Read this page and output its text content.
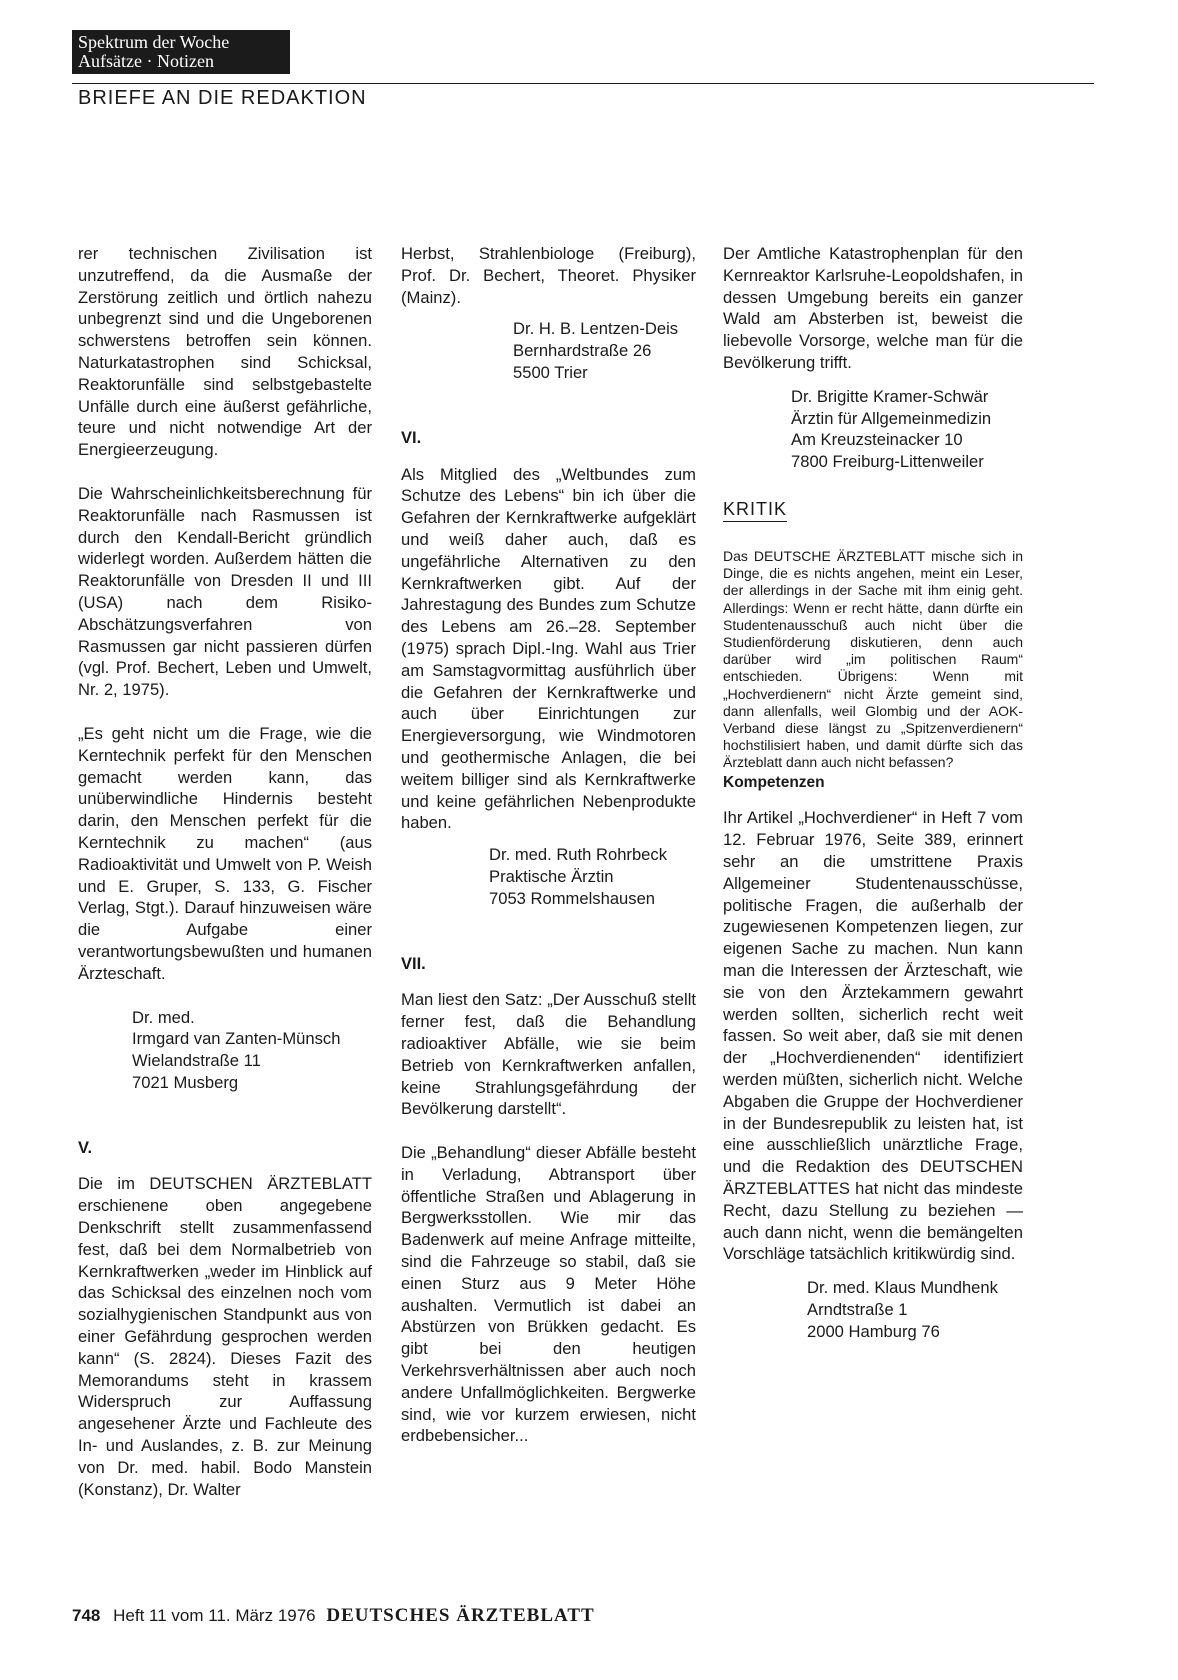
Spektrum der Woche
Aufsätze · Notizen
BRIEFE AN DIE REDAKTION

rer technischen Zivilisation ist unzutreffend, da die Ausmaße der Zerstörung zeitlich und örtlich nahezu unbegrenzt sind und die Ungeborenen schwerstens betroffen sein können. Naturkatastrophen sind Schicksal, Reaktorunfälle sind selbstgebastelte Unfälle durch eine äußerst gefährliche, teure und nicht notwendige Art der Energieerzeugung.

Die Wahrscheinlichkeitsberechnung für Reaktorunfälle nach Rasmussen ist durch den Kendall-Bericht gründlich widerlegt worden. Außerdem hätten die Reaktorunfälle von Dresden II und III (USA) nach dem Risiko-Abschätzungsverfahren von Rasmussen gar nicht passieren dürfen (vgl. Prof. Bechert, Leben und Umwelt, Nr. 2, 1975).

„Es geht nicht um die Frage, wie die Kerntechnik perfekt für den Menschen gemacht werden kann, das unüberwindliche Hindernis besteht darin, den Menschen perfekt für die Kerntechnik zu machen“ (aus Radioaktivität und Umwelt von P. Weish und E. Gruper, S. 133, G. Fischer Verlag, Stgt.). Darauf hinzuweisen wäre die Aufgabe einer verantwortungsbewußten und humanen Ärzteschaft.

Dr. med.
Irmgard van Zanten-Münsch
Wielandstraße 11
7021 Musberg
V.

Die im DEUTSCHEN ÄRZTEBLATT erschienene oben angegebene Denkschrift stellt zusammenfassend fest, daß bei dem Normalbetrieb von Kernkraftwerken „weder im Hinblick auf das Schicksal des einzelnen noch vom sozialhygienischen Standpunkt aus von einer Gefährdung gesprochen werden kann“ (S. 2824). Dieses Fazit des Memorandums steht in krassem Widerspruch zur Auffassung angesehener Ärzte und Fachleute des In- und Auslandes, z. B. zur Meinung von Dr. med. habil. Bodo Manstein (Konstanz), Dr. Walter

Herbst, Strahlenbiologe (Freiburg), Prof. Dr. Bechert, Theoret. Physiker (Mainz).

Dr. H. B. Lentzen-Deis
Bernhardstraße 26
5500 Trier
VI.

Als Mitglied des „Weltbundes zum Schutze des Lebens“ bin ich über die Gefahren der Kernkraftwerke aufgeklärt und weiß daher auch, daß es ungefährliche Alternativen zu den Kernkraftwerken gibt. Auf der Jahrestagung des Bundes zum Schutze des Lebens am 26.–28. September (1975) sprach Dipl.-Ing. Wahl aus Trier am Samstagvormittag ausführlich über die Gefahren der Kernkraftwerke und auch über Einrichtungen zur Energieversorgung, wie Windmotoren und geothermische Anlagen, die bei weitem billiger sind als Kernkraftwerke und keine gefährlichen Nebenprodukte haben.

Dr. med. Ruth Rohrbeck
Praktische Ärztin
7053 Rommelshausen
VII.

Man liest den Satz: „Der Ausschuß stellt ferner fest, daß die Behandlung radioaktiver Abfälle, wie sie beim Betrieb von Kernkraftwerken anfallen, keine Strahlungsgefährdung der Bevölkerung darstellt“.

Die „Behandlung“ dieser Abfälle besteht in Verladung, Abtransport über öffentliche Straßen und Ablagerung in Bergwerksstollen. Wie mir das Badenwerk auf meine Anfrage mitteilte, sind die Fahrzeuge so stabil, daß sie einen Sturz aus 9 Meter Höhe aushalten. Vermutlich ist dabei an Abstürzen von Brükken gedacht. Es gibt bei den heutigen Verkehrsverhältnissen aber auch noch andere Unfallmöglichkeiten. Bergwerke sind, wie vor kurzem erwiesen, nicht erdbebensicher...

Der Amtliche Katastrophenplan für den Kernreaktor Karlsruhe-Leopoldshafen, in dessen Umgebung bereits ein ganzer Wald am Absterben ist, beweist die liebevolle Vorsorge, welche man für die Bevölkerung trifft.

Dr. Brigitte Kramer-Schwär
Ärztin für Allgemeinmedizin
Am Kreuzsteinacker 10
7800 Freiburg-Littenweiler
KRITIK

Das DEUTSCHE ÄRZTEBLATT mische sich in Dinge, die es nichts angehen, meint ein Leser, der allerdings in der Sache mit ihm einig geht. Allerdings: Wenn er recht hätte, dann dürfte ein Studentenausschuß auch nicht über die Studienförderung diskutieren, denn auch darüber wird „im politischen Raum“ entschieden. Übrigens: Wenn mit „Hochverdienern“ nicht Ärzte gemeint sind, dann allenfalls, weil Glombig und der AOK-Verband diese längst zu „Spitzenverdienern“ hochstilisiert haben, und damit dürfte sich das Ärzteblatt dann auch nicht befassen?

Kompetenzen

Ihr Artikel „Hochverdiener“ in Heft 7 vom 12. Februar 1976, Seite 389, erinnert sehr an die umstrittene Praxis Allgemeiner Studentenausschüsse, politische Fragen, die außerhalb der zugewiesenen Kompetenzen liegen, zur eigenen Sache zu machen. Nun kann man die Interessen der Ärzteschaft, wie sie von den Ärztekammern gewahrt werden sollten, sicherlich recht weit fassen. So weit aber, daß sie mit denen der „Hochverdienenden“ identifiziert werden müßten, sicherlich nicht. Welche Abgaben die Gruppe der Hochverdiener in der Bundesrepublik zu leisten hat, ist eine ausschließlich unärztliche Frage, und die Redaktion des DEUTSCHEN ÄRZTEBLATTES hat nicht das mindeste Recht, dazu Stellung zu beziehen — auch dann nicht, wenn die bemängelten Vorschläge tatsächlich kritikwürdig sind.

Dr. med. Klaus Mundhenk
Arndtstraße 1
2000 Hamburg 76
748 Heft 11 vom 11. März 1976 DEUTSCHES ÄRZTEBLATT
